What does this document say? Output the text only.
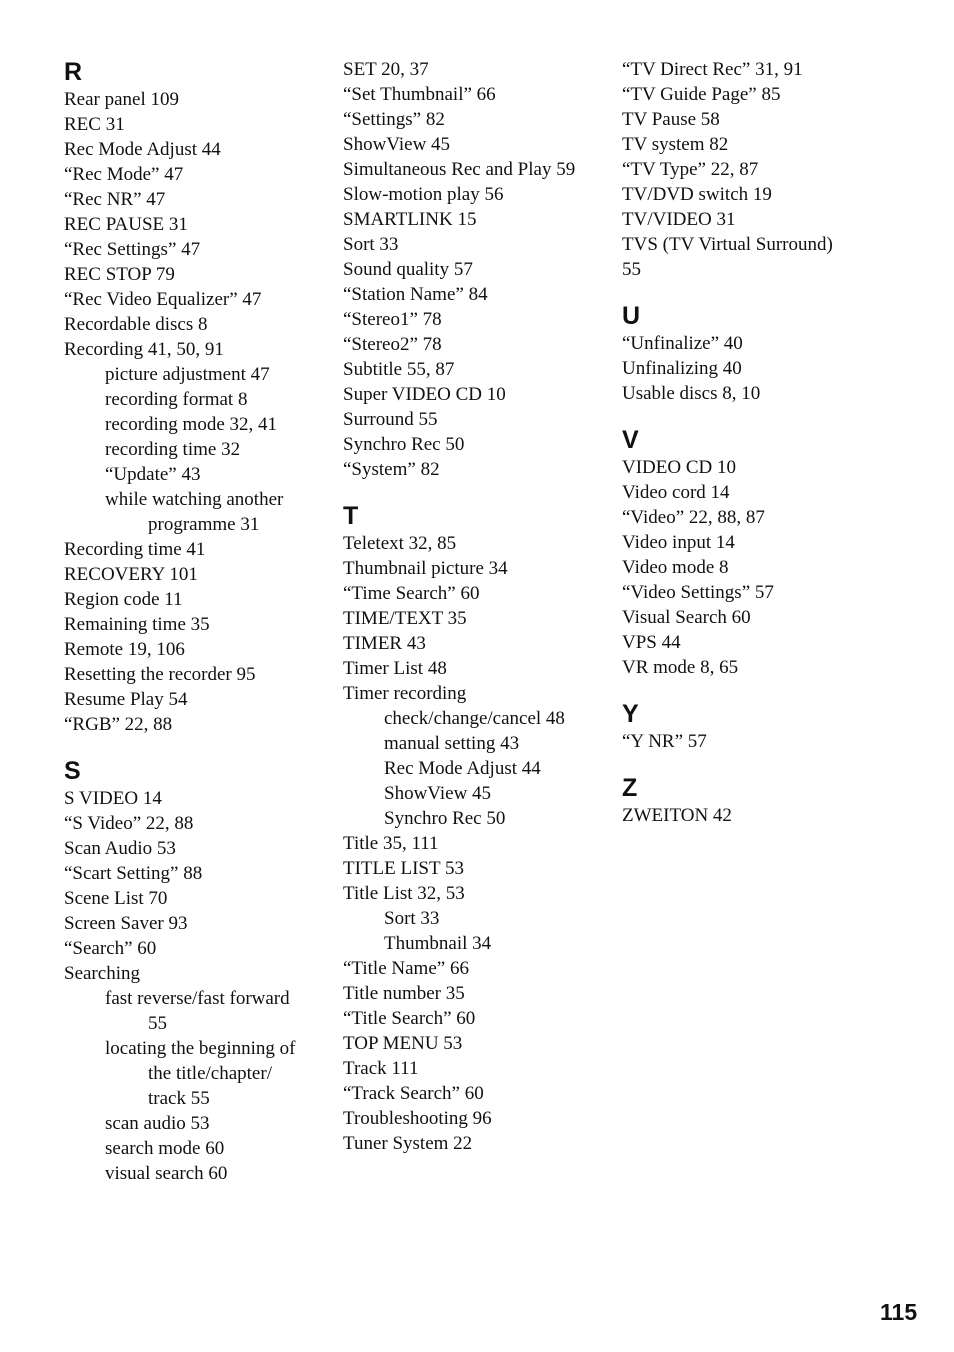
R
Rear panel 109
REC 31
Rec Mode Adjust 44
“Rec Mode” 47
“Rec NR” 47
REC PAUSE 31
“Rec Settings” 47
REC STOP 79
“Rec Video Equalizer” 47
Recordable discs 8
Recording 41, 50, 91
picture adjustment 47
recording format 8
recording mode 32, 41
recording time 32
“Update” 43
while watching another
programme 31
Recording time 41
RECOVERY 101
Region code 11
Remaining time 35
Remote 19, 106
Resetting the recorder 95
Resume Play 54
“RGB” 22, 88
S
S VIDEO 14
“S Video” 22, 88
Scan Audio 53
“Scart Setting” 88
Scene List 70
Screen Saver 93
“Search” 60
Searching
fast reverse/fast forward
55
locating the beginning of
the title/chapter/
track 55
scan audio 53
search mode 60
visual search 60
SET 20, 37
“Set Thumbnail” 66
“Settings” 82
ShowView 45
Simultaneous Rec and Play 59
Slow-motion play 56
SMARTLINK 15
Sort 33
Sound quality 57
“Station Name” 84
“Stereo1” 78
“Stereo2” 78
Subtitle 55, 87
Super VIDEO CD 10
Surround 55
Synchro Rec 50
“System” 82
T
Teletext 32, 85
Thumbnail picture 34
“Time Search” 60
TIME/TEXT 35
TIMER 43
Timer List 48
Timer recording
check/change/cancel 48
manual setting 43
Rec Mode Adjust 44
ShowView 45
Synchro Rec 50
Title 35, 111
TITLE LIST 53
Title List 32, 53
Sort 33
Thumbnail 34
“Title Name” 66
Title number 35
“Title Search” 60
TOP MENU 53
Track 111
“Track Search” 60
Troubleshooting 96
Tuner System 22
“TV Direct Rec” 31, 91
“TV Guide Page” 85
TV Pause 58
TV system 82
“TV Type” 22, 87
TV/DVD switch 19
TV/VIDEO 31
TVS (TV Virtual Surround)
55
U
“Unfinalize” 40
Unfinalizing 40
Usable discs 8, 10
V
VIDEO CD 10
Video cord 14
“Video” 22, 88, 87
Video input 14
Video mode 8
“Video Settings” 57
Visual Search 60
VPS 44
VR mode 8, 65
Y
“Y NR” 57
Z
ZWEITON 42
115
